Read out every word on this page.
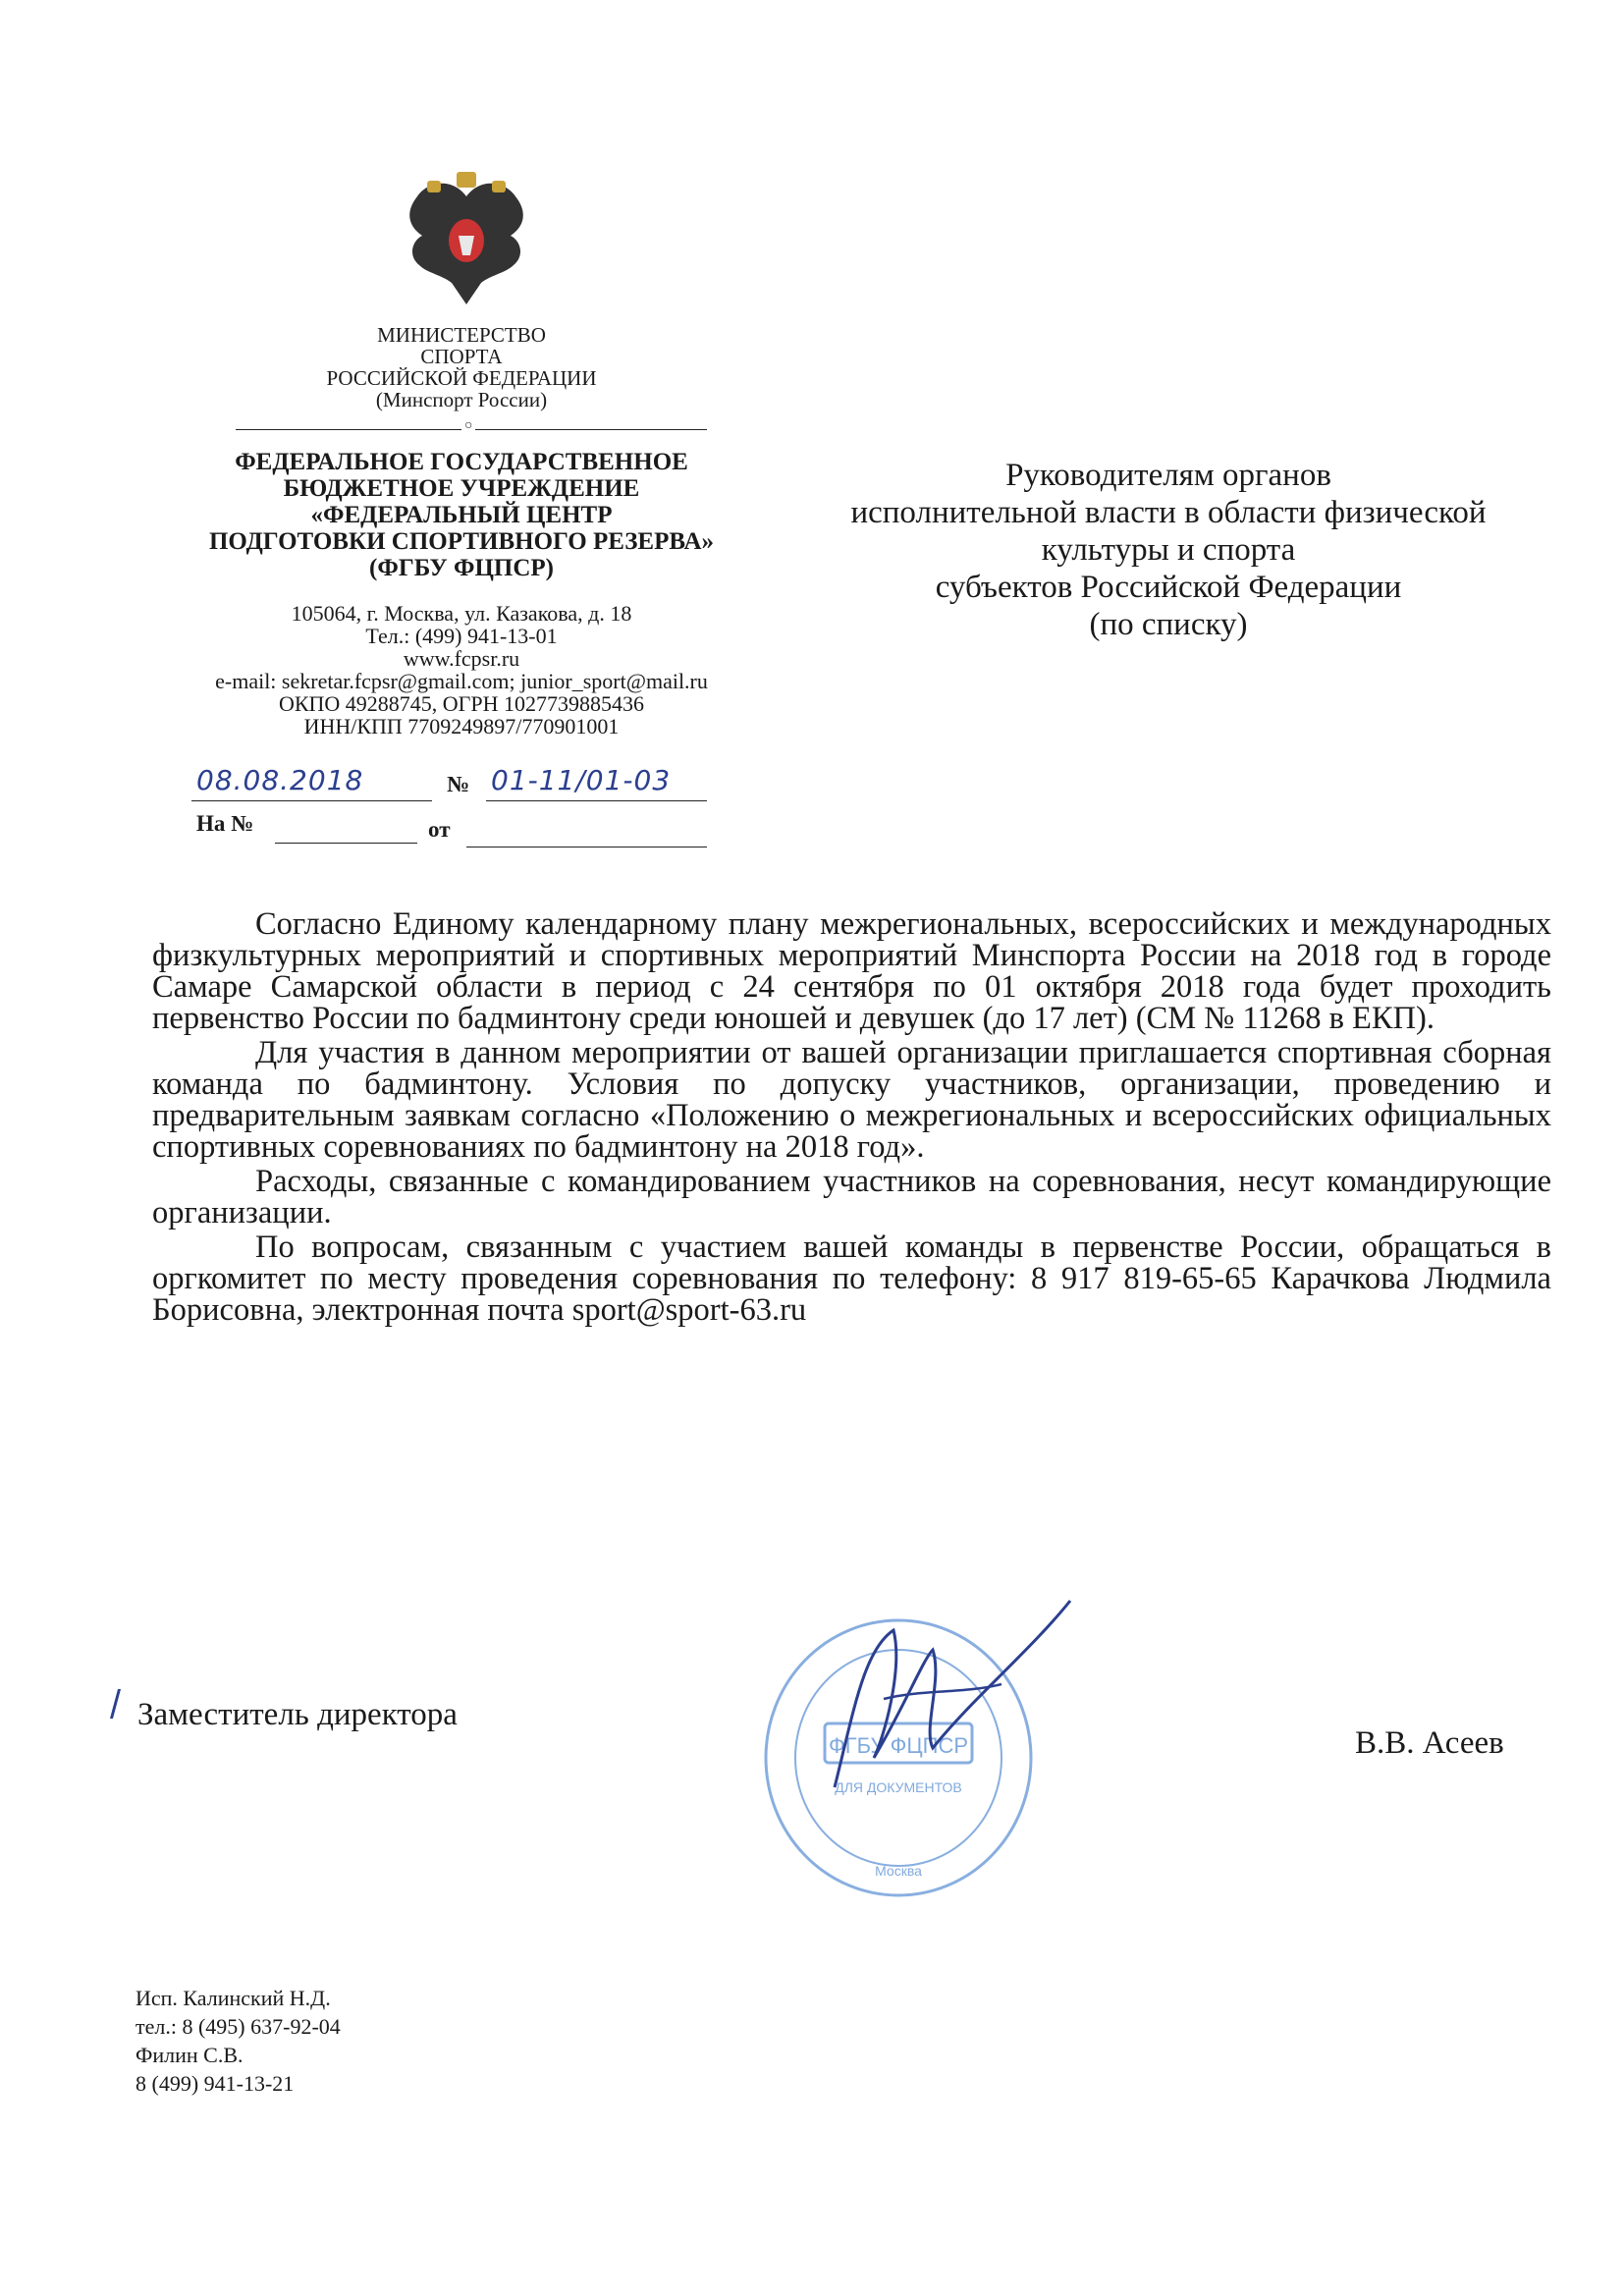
МИНИСТЕРСТВО
СПОРТА
РОССИЙСКОЙ ФЕДЕРАЦИИ
(Минспорт России)
○
ФЕДЕРАЛЬНОЕ ГОСУДАРСТВЕННОЕ
БЮДЖЕТНОЕ УЧРЕЖДЕНИЕ
«ФЕДЕРАЛЬНЫЙ ЦЕНТР
ПОДГОТОВКИ СПОРТИВНОГО РЕЗЕРВА»
(ФГБУ ФЦПСР)
105064, г. Москва, ул. Казакова, д. 18
Тел.: (499) 941-13-01
www.fcpsr.ru
e-mail: sekretar.fcpsr@gmail.com; junior_sport@mail.ru
ОКПО 49288745, ОГРН 1027739885436
ИНН/КПП 7709249897/770901001
08.08.2018	№ 01-11/01-03
На №	от
Руководителям органов
исполнительной власти в области физической
культуры и спорта
субъектов Российской Федерации
(по списку)

Согласно Единому календарному плану межрегиональных, всероссийских и международных физкультурных мероприятий и спортивных мероприятий Минспорта России на 2018 год в городе Самаре Самарской области в период с 24 сентября по 01 октября 2018 года будет проходить первенство России по бадминтону среди юношей и девушек (до 17 лет) (СМ № 11268 в ЕКП).

Для участия в данном мероприятии от вашей организации приглашается спортивная сборная команда по бадминтону. Условия по допуску участников, организации, проведению и предварительным заявкам согласно «Положению о межрегиональных и всероссийских официальных спортивных соревнованиях по бадминтону на 2018 год».

Расходы, связанные с командированием участников на соревнования, несут командирующие организации.

По вопросам, связанным с участием вашей команды в первенстве России, обращаться в оргкомитет по месту проведения соревнования по телефону: 8 917 819-65-65 Карачкова Людмила Борисовна, электронная почта sport@sport-63.ru

Заместитель директора
В.В. Асеев
ФГБУ ФЦПСР
ДЛЯ ДОКУМЕНТОВ
Москва
Исп. Калинский Н.Д.
тел.: 8 (495) 637-92-04
Филин С.В.
8 (499) 941-13-21
